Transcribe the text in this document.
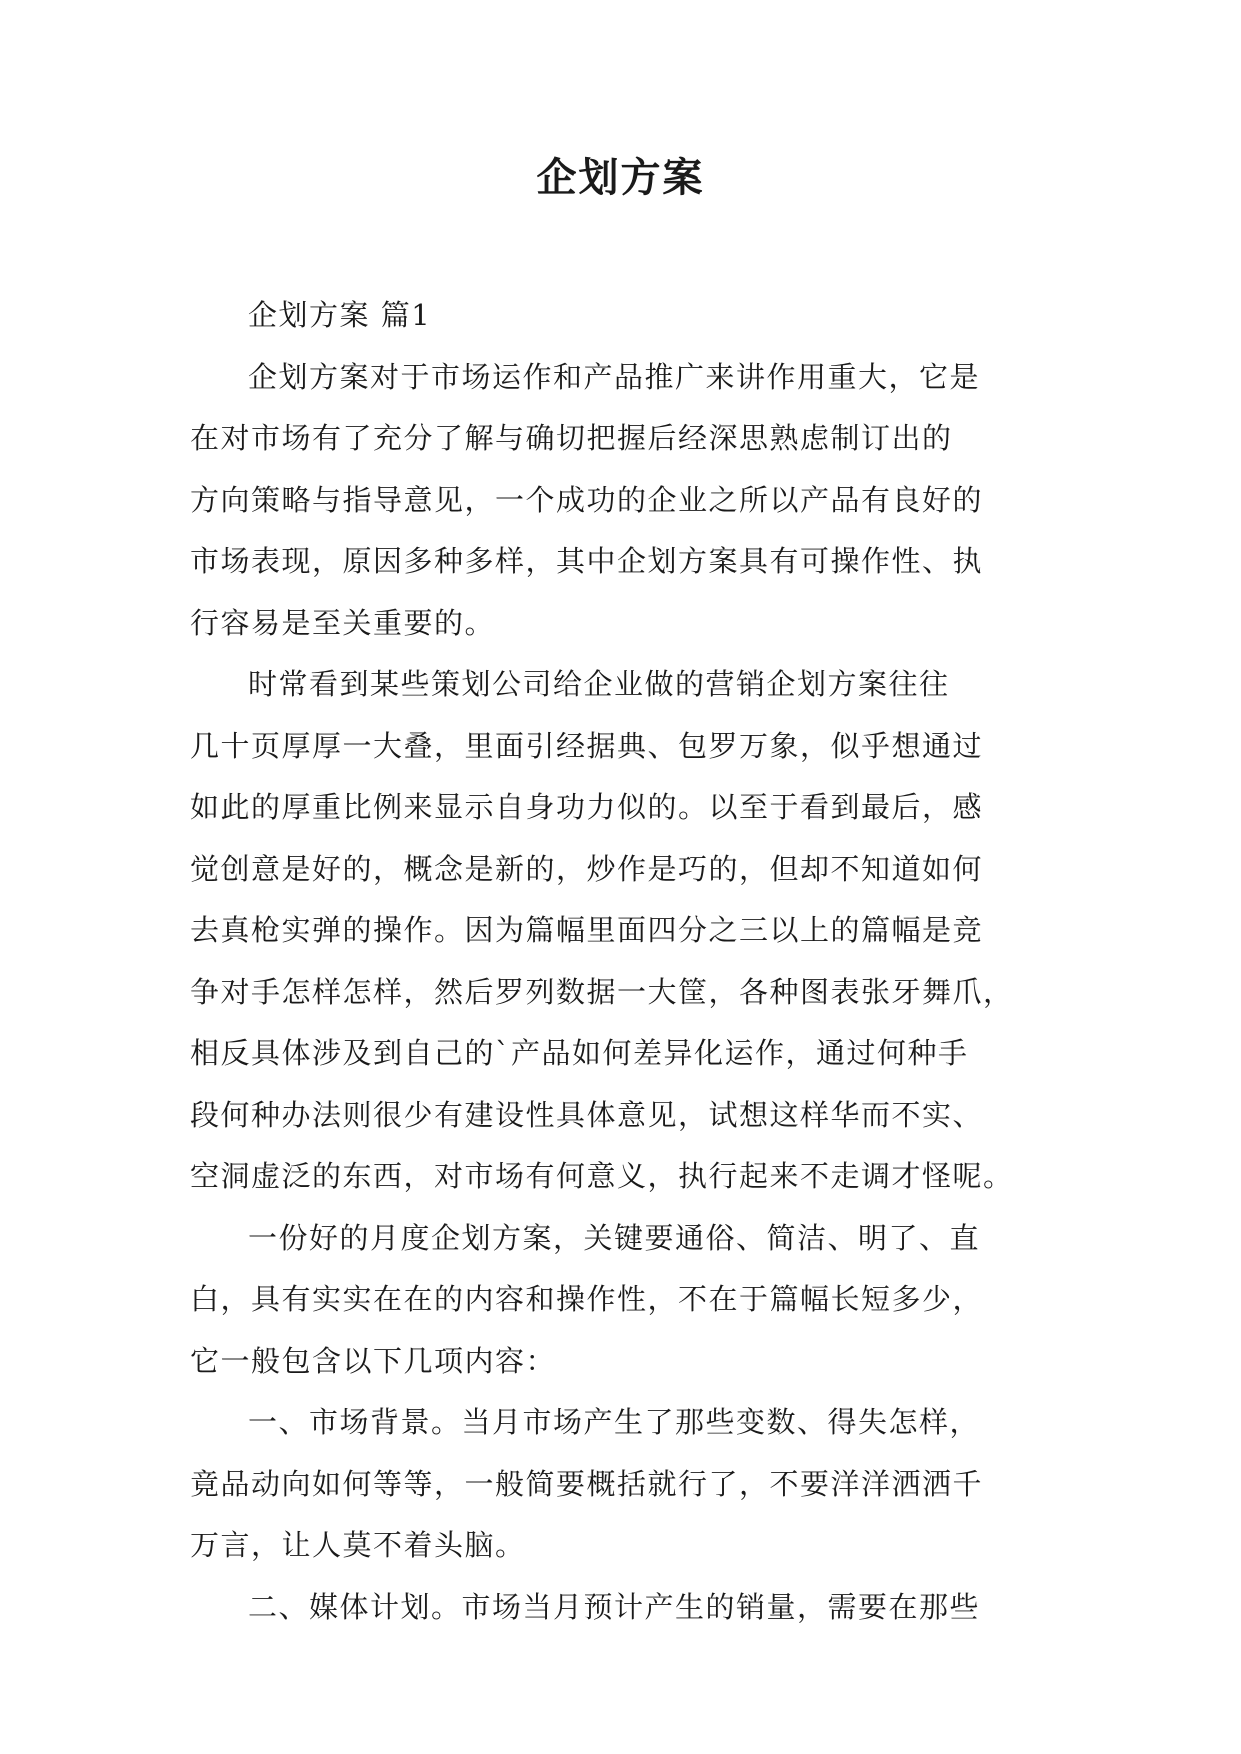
企划方案

企划方案 篇1

企划方案对于市场运作和产品推广来讲作用重大，它是
在对市场有了充分了解与确切把握后经深思熟虑制订出的
方向策略与指导意见，一个成功的企业之所以产品有良好的
市场表现，原因多种多样，其中企划方案具有可操作性、执
行容易是至关重要的。

时常看到某些策划公司给企业做的营销企划方案往往
几十页厚厚一大叠，里面引经据典、包罗万象，似乎想通过
如此的厚重比例来显示自身功力似的。以至于看到最后，感
觉创意是好的，概念是新的，炒作是巧的，但却不知道如何
去真枪实弹的操作。因为篇幅里面四分之三以上的篇幅是竞
争对手怎样怎样，然后罗列数据一大筐，各种图表张牙舞爪，
相反具体涉及到自己的`产品如何差异化运作，通过何种手
段何种办法则很少有建设性具体意见，试想这样华而不实、
空洞虚泛的东西，对市场有何意义，执行起来不走调才怪呢。

一份好的月度企划方案，关键要通俗、简洁、明了、直
白，具有实实在在的内容和操作性，不在于篇幅长短多少，
它一般包含以下几项内容：

一、市场背景。当月市场产生了那些变数、得失怎样，
竟品动向如何等等，一般简要概括就行了，不要洋洋洒洒千
万言，让人莫不着头脑。

二、媒体计划。市场当月预计产生的销量，需要在那些
